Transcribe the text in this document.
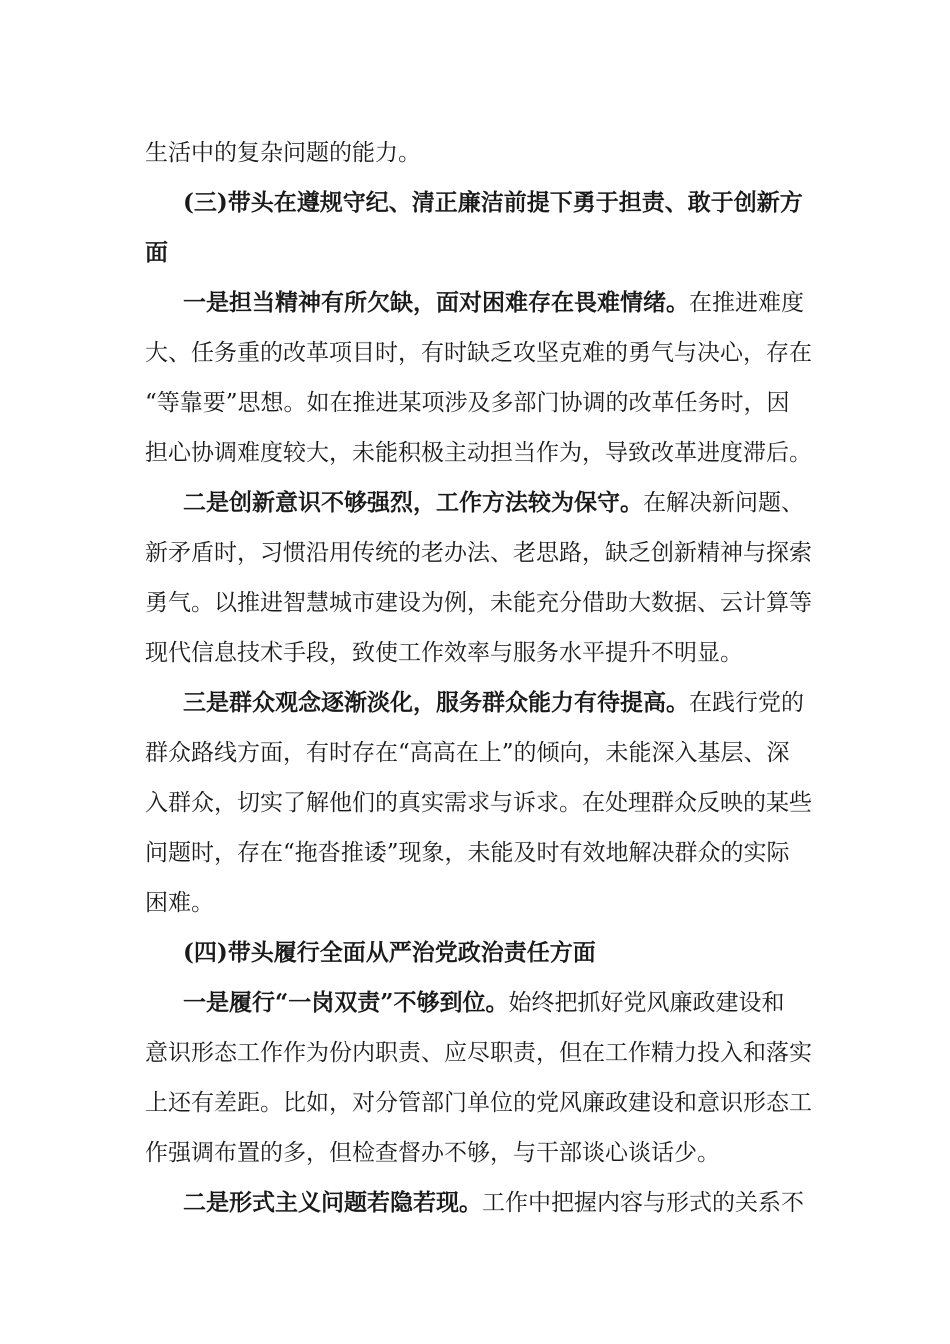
生活中的复杂问题的能力。
(三)带头在遵规守纪、清正廉洁前提下勇于担责、敢于创新方
面
一是担当精神有所欠缺，面对困难存在畏难情绪。在推进难度
大、任务重的改革项目时，有时缺乏攻坚克难的勇气与决心，存在
“等靠要”思想。如在推进某项涉及多部门协调的改革任务时，因
担心协调难度较大，未能积极主动担当作为，导致改革进度滞后。
二是创新意识不够强烈，工作方法较为保守。在解决新问题、
新矛盾时，习惯沿用传统的老办法、老思路，缺乏创新精神与探索
勇气。以推进智慧城市建设为例，未能充分借助大数据、云计算等
现代信息技术手段，致使工作效率与服务水平提升不明显。
三是群众观念逐渐淡化，服务群众能力有待提高。在践行党的
群众路线方面，有时存在“高高在上”的倾向，未能深入基层、深
入群众，切实了解他们的真实需求与诉求。在处理群众反映的某些
问题时，存在“拖沓推诿”现象，未能及时有效地解决群众的实际
困难。
(四)带头履行全面从严治党政治责任方面
一是履行“一岗双责”不够到位。始终把抓好党风廉政建设和
意识形态工作作为份内职责、应尽职责，但在工作精力投入和落实
上还有差距。比如，对分管部门单位的党风廉政建设和意识形态工
作强调布置的多，但检查督办不够，与干部谈心谈话少。
二是形式主义问题若隐若现。工作中把握内容与形式的关系不
